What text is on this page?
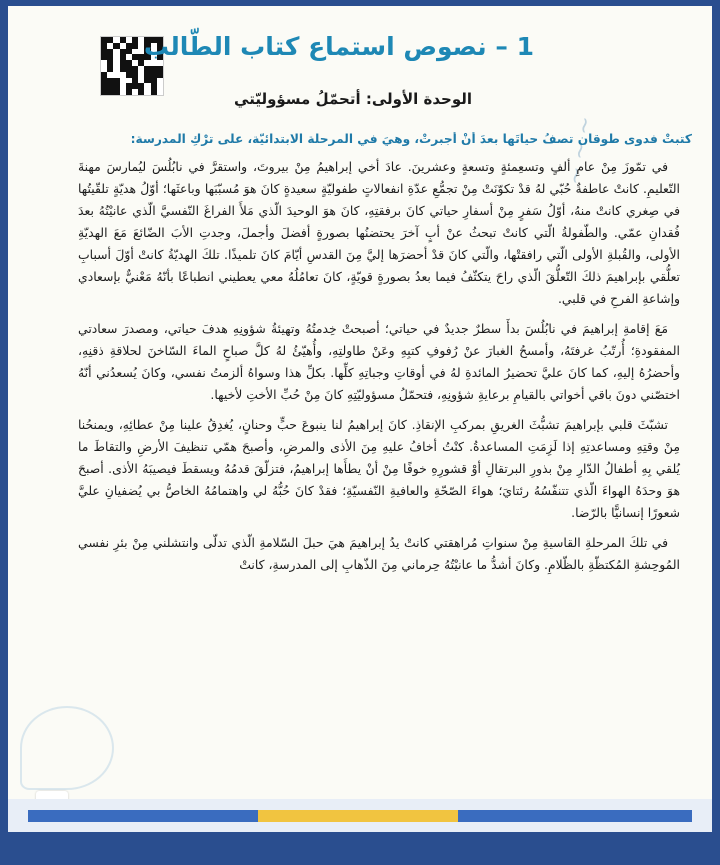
~ ~ ~
1 – نصوص استماع كتاب الطّالب
الوحدة الأولى: أتحمّلُ مسؤوليّتي

كتبتْ فدوى طوقان تصفُ حياتَها بعدَ أنْ أُجبرتْ، وهيَ في المرحلة الابتدائيّة، على ترْكِ المدرسة:

في تمّوزَ مِنْ عامِ ألفٍ وتسعِمئةٍ وتسعةٍ وعشرينَ. عادَ أخي إبراهيمُ مِنْ بيروتَ، واستقرَّ في نابُلُسَ ليُمارسَ مهنةَ التّعليمِ. كانتْ عاطفةٌ حُبّي لهُ قدْ تكوّنَتْ مِنْ تجمُّعِ عدّةِ انفعالاتٍ طفوليّةٍ سعيدةٍ كانَ هوَ مُسبّبَها وباعثَها؛ أوّلُ هديّةٍ تلقّيتُها في صِغري كانتْ منهُ، أوّلُ سَفرٍ مِنْ أسفارِ حياتي كانَ برفقتِهِ، كانَ هوَ الوحيدَ الّذي مَلأَ الفراغَ النّفسيَّ الّذي عانيْتُهُ بعدَ فُقدانِ عمّي. والطّفولةُ الّتي كانتْ تبحثُ عنْ أبٍ آخرَ يحتضنُها بصورةٍ أفضلَ وأجملَ، وجدتِ الأبَ الضّائعَ مَعَ الهديّةِ الأولى، والقُبلةِ الأولى الّتي رافقتْها، والّتي كانَ قدْ أحضرَها إليَّ مِنَ القدسِ أيّامَ كانَ تلميذًا. تلكَ الهديّةُ كانتْ أوّلَ أسبابِ تعلُّقي بإبراهيمَ ذلكَ التّعلُّقَ الّذي راحَ يتكثّفُ فيما بعدُ بصورةٍ قويّةٍ، كانَ تعامُلُهُ معي يعطيني انطباعًا بأنّهُ مَعْنيٌّ بإسعادي وإشاعةِ الفرحِ في قلبي.

مَعَ إقامةِ إبراهيمَ في نابُلُسَ بدأَ سطرٌ جديدٌ في حياتي؛ أصبحتْ خِدمتُهُ وتهيئةُ شؤونِهِ هدفَ حياتي، ومصدرَ سعادتي المفقودةِ؛ أُرتّبُ غرفتَهُ، وأمسحُ الغبارَ عنْ رُفوفِ كتبِهِ وعَنْ طاولتِهِ، وأُهيّئُ لهُ كلَّ صباحٍ الماءَ السّاخنَ لحلاقةِ ذقنِهِ، وأحضرُهُ إليهِ، كما كانَ عليَّ تحضيرُ المائدةِ لهُ في أوقاتِ وجباتِهِ كلِّها. بكلِّ هذا وسواهُ ألزمتُ نفسي، وكانَ يُسعدُني أنّهُ اختصّني دونَ باقي أخواتي بالقيامِ برعايةِ شؤونِهِ، فتحمّلُ مسؤوليّتِهِ كانَ مِنْ حُبِّ الأختِ لأخيها.

تشبّثَ قلبي بإبراهيمَ تشبُّثَ الغريقِ بمركبِ الإنقاذِ. كانَ إبراهيمُ لنا ينبوعَ حبٍّ وحنانٍ، يُغدِقُ علينا مِنْ عطائِهِ، ويمنحُنا مِنْ وقتِهِ ومساعدتِهِ إذا لَزِمَتِ المساعدةُ. كنْتُ أخافُ عليهِ مِنَ الأذى والمرضِ، وأصبحَ همّي تنظيفَ الأرضِ والتقاطَ ما يُلقي بِهِ أطفالُ الدّارِ مِنْ بذورِ البرتقالِ أوْ قشورِهِ خوفًا مِنْ أنْ يطأَها إبراهيمُ، فتزلّقَ قدمُهُ ويسقطَ فيصيبَهُ الأذى. أصبحَ هوَ وحدَهُ الهواءَ الّذي تتنفّسُهُ رئتايَ؛ هواءَ الصّحّةِ والعافيةِ النّفسيّةِ؛ فقدْ كانَ حُبُّهُ لي واهتمامُهُ الخاصُّ بي يُضفيانِ عليَّ شعورًا إنسانيًّا بالرّضا.

في تلكَ المرحلةِ القاسيةِ مِنْ سنواتِ مُراهقتي كانتْ يدُ إبراهيمَ هيَ حبلَ السّلامةِ الّذي تدلّى وانتشلني مِنْ بئرِ نفسي المُوحِشةِ المُكتظّةِ بالظّلامِ. وكانَ أشدُّ ما عانيْتُهُ حِرماني مِنَ الذّهابِ إلى المدرسةِ، كانتْ
